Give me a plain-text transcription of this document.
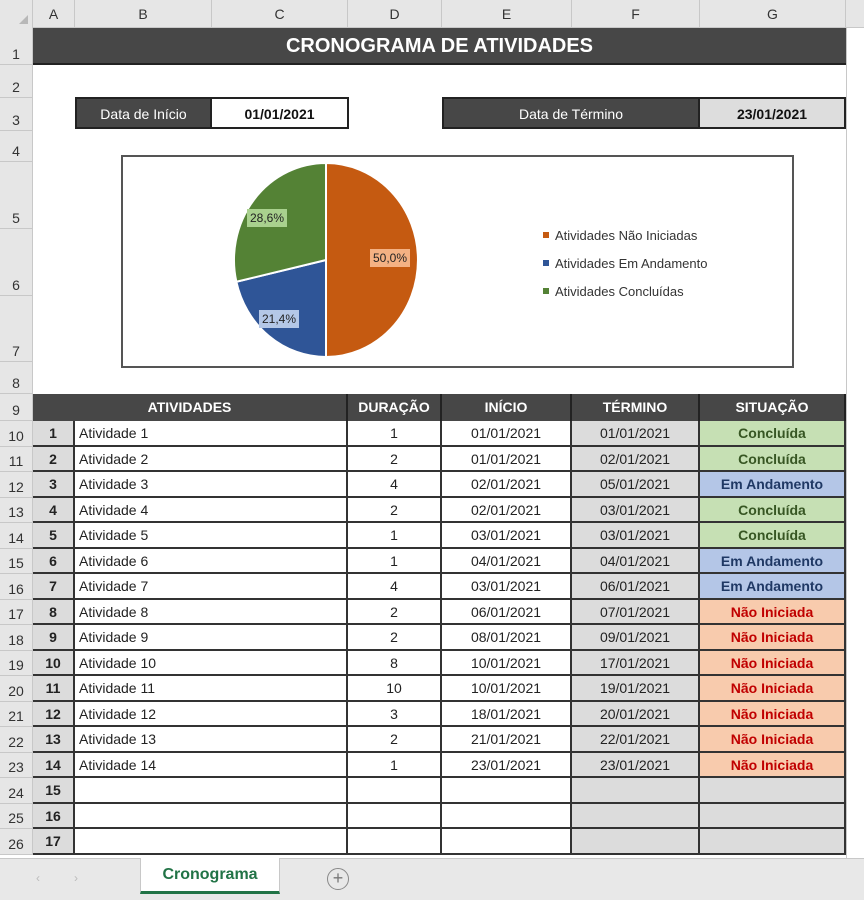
A	B	C	D	E	F	G
1
2
3
4
5
6
7
8
9
10
11
12
13
14
15
16
17
18
19
20
21
22
23
24
25
26
CRONOGRAMA DE ATIVIDADES
Data de Início	01/01/2021	Data de Término	23/01/2021
50,0%
21,4%
28,6%
Atividades Não Iniciadas
Atividades Em Andamento
Atividades Concluídas
ATIVIDADES	DURAÇÃO	INÍCIO	TÉRMINO	SITUAÇÃO
1	Atividade 1	1	01/01/2021	01/01/2021	Concluída
2	Atividade 2	2	01/01/2021	02/01/2021	Concluída
3	Atividade 3	4	02/01/2021	05/01/2021	Em Andamento
4	Atividade 4	2	02/01/2021	03/01/2021	Concluída
5	Atividade 5	1	03/01/2021	03/01/2021	Concluída
6	Atividade 6	1	04/01/2021	04/01/2021	Em Andamento
7	Atividade 7	4	03/01/2021	06/01/2021	Em Andamento
8	Atividade 8	2	06/01/2021	07/01/2021	Não Iniciada
9	Atividade 9	2	08/01/2021	09/01/2021	Não Iniciada
10	Atividade 10	8	10/01/2021	17/01/2021	Não Iniciada
11	Atividade 11	10	10/01/2021	19/01/2021	Não Iniciada
12	Atividade 12	3	18/01/2021	20/01/2021	Não Iniciada
13	Atividade 13	2	21/01/2021	22/01/2021	Não Iniciada
14	Atividade 14	1	23/01/2021	23/01/2021	Não Iniciada
15
16
17
‹	›	Cronograma	+
